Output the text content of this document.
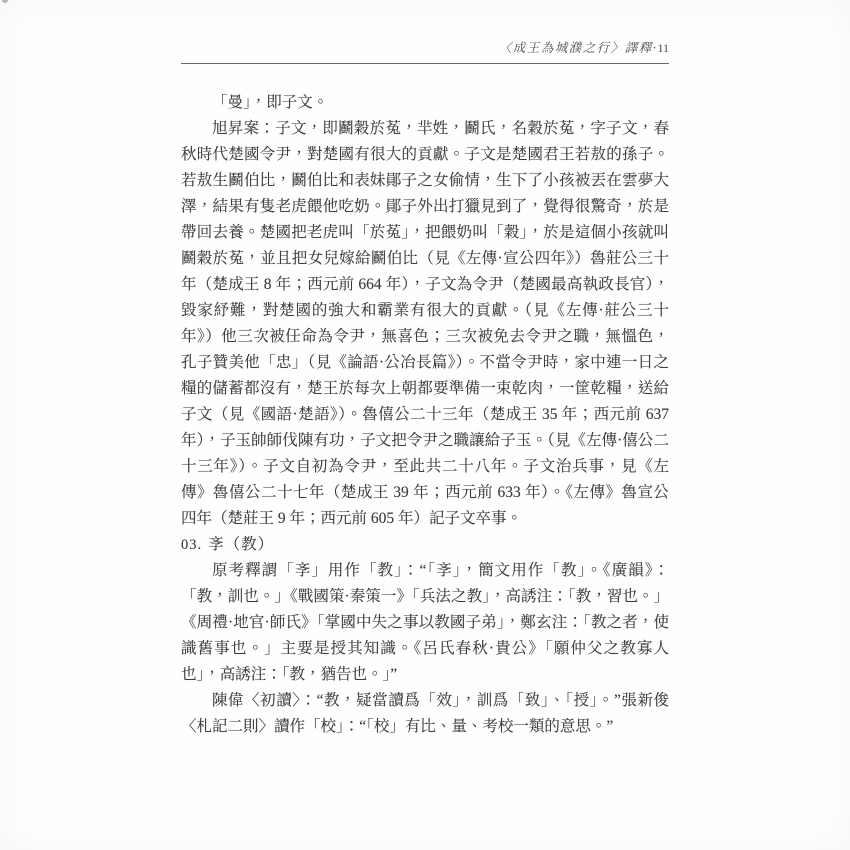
〈成王為城濮之行〉譯釋·11

「曼」，即子文。

旭昇案：子文，即鬬穀於菟，羋姓，鬬氏，名穀於菟，字子文，春秋時代楚國令尹，對楚國有很大的貢獻。子文是楚國君王若敖的孫子。若敖生鬬伯比，鬬伯比和表妹鄖子之女偷情，生下了小孩被丟在雲夢大澤，結果有隻老虎餵他吃奶。鄖子外出打獵見到了，覺得很驚奇，於是帶回去養。楚國把老虎叫「於菟」，把餵奶叫「穀」，於是這個小孩就叫鬬穀於菟，並且把女兒嫁給鬬伯比（見《左傳·宣公四年》）魯莊公三十年（楚成王 8 年；西元前 664 年），子文為令尹（楚國最高執政長官），毀家紓難，對楚國的強大和霸業有很大的貢獻。（見《左傳·莊公三十年》）他三次被任命為令尹，無喜色；三次被免去令尹之職，無慍色，孔子贊美他「忠」（見《論語·公冶長篇》）。不當令尹時，家中連一日之糧的儲蓄都沒有，楚王於每次上朝都要準備一束乾肉，一筐乾糧，送給子文（見《國語·楚語》）。魯僖公二十三年（楚成王 35 年；西元前 637 年），子玉帥師伐陳有功，子文把令尹之職讓給子玉。（見《左傳·僖公二十三年》）。子文自初為令尹，至此共二十八年。子文治兵事，見《左傳》魯僖公二十七年（楚成王 39 年；西元前 633 年）。《左傳》魯宣公四年（楚莊王 9 年；西元前 605 年）記子文卒事。

03. 斈（教）

原考釋謂「斈」用作「教」：“「斈」，簡文用作「教」。《廣韻》：「教，訓也。」《戰國策·秦策一》「兵法之教」，高誘注：「教，習也。」《周禮·地官·師氏》「掌國中失之事以教國子弟」，鄭玄注：「教之者，使識舊事也。」主要是授其知識。《呂氏春秋·貴公》「願仲父之教寡人也」，高誘注：「教，猶告也。」”

陳偉〈初讀〉：“教，疑當讀爲「效」，訓爲「致」、「授」。”張新俊〈札記二則〉讀作「校」：“「校」有比、量、考校一類的意思。”
